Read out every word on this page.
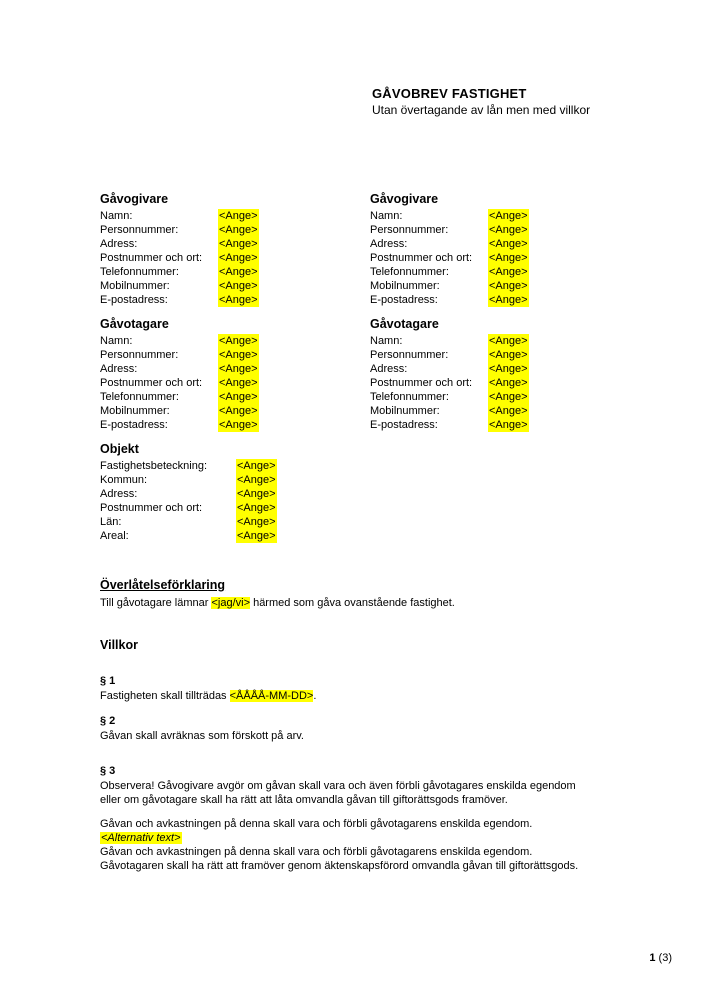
GÅVOBREV FASTIGHET

Utan övertagande av lån men med villkor

Gåvogivare

Namn:	<Ange>
Personnummer:	<Ange>
Adress:	<Ange>
Postnummer och ort:	<Ange>
Telefonnummer:	<Ange>
Mobilnummer:	<Ange>
E-postadress:	<Ange>

Gåvogivare

Namn:	<Ange>
Personnummer:	<Ange>
Adress:	<Ange>
Postnummer och ort:	<Ange>
Telefonnummer:	<Ange>
Mobilnummer:	<Ange>
E-postadress:	<Ange>

Gåvotagare

Namn:	<Ange>
Personnummer:	<Ange>
Adress:	<Ange>
Postnummer och ort:	<Ange>
Telefonnummer:	<Ange>
Mobilnummer:	<Ange>
E-postadress:	<Ange>

Gåvotagare

Namn:	<Ange>
Personnummer:	<Ange>
Adress:	<Ange>
Postnummer och ort:	<Ange>
Telefonnummer:	<Ange>
Mobilnummer:	<Ange>
E-postadress:	<Ange>

Objekt

Fastighetsbeteckning:	<Ange>
Kommun:	<Ange>
Adress:	<Ange>
Postnummer och ort:	<Ange>
Län:	<Ange>
Areal:	<Ange>

Överlåtelseförklaring

Till gåvotagare lämnar <jag/vi> härmed som gåva ovanstående fastighet.

Villkor

§ 1

Fastigheten skall tillträdas <ÅÅÅÅ-MM-DD>.

§ 2

Gåvan skall avräknas som förskott på arv.

§ 3

Observera! Gåvogivare avgör om gåvan skall vara och även förbli gåvotagares enskilda egendom eller om gåvotagare skall ha rätt att låta omvandla gåvan till giftorättsgods framöver.

Gåvan och avkastningen på denna skall vara och förbli gåvotagarens enskilda egendom.

<Alternativ text>

Gåvan och avkastningen på denna skall vara och förbli gåvotagarens enskilda egendom. Gåvotagaren skall ha rätt att framöver genom äktenskapsförord omvandla gåvan till giftorättsgods.

1 (3)
